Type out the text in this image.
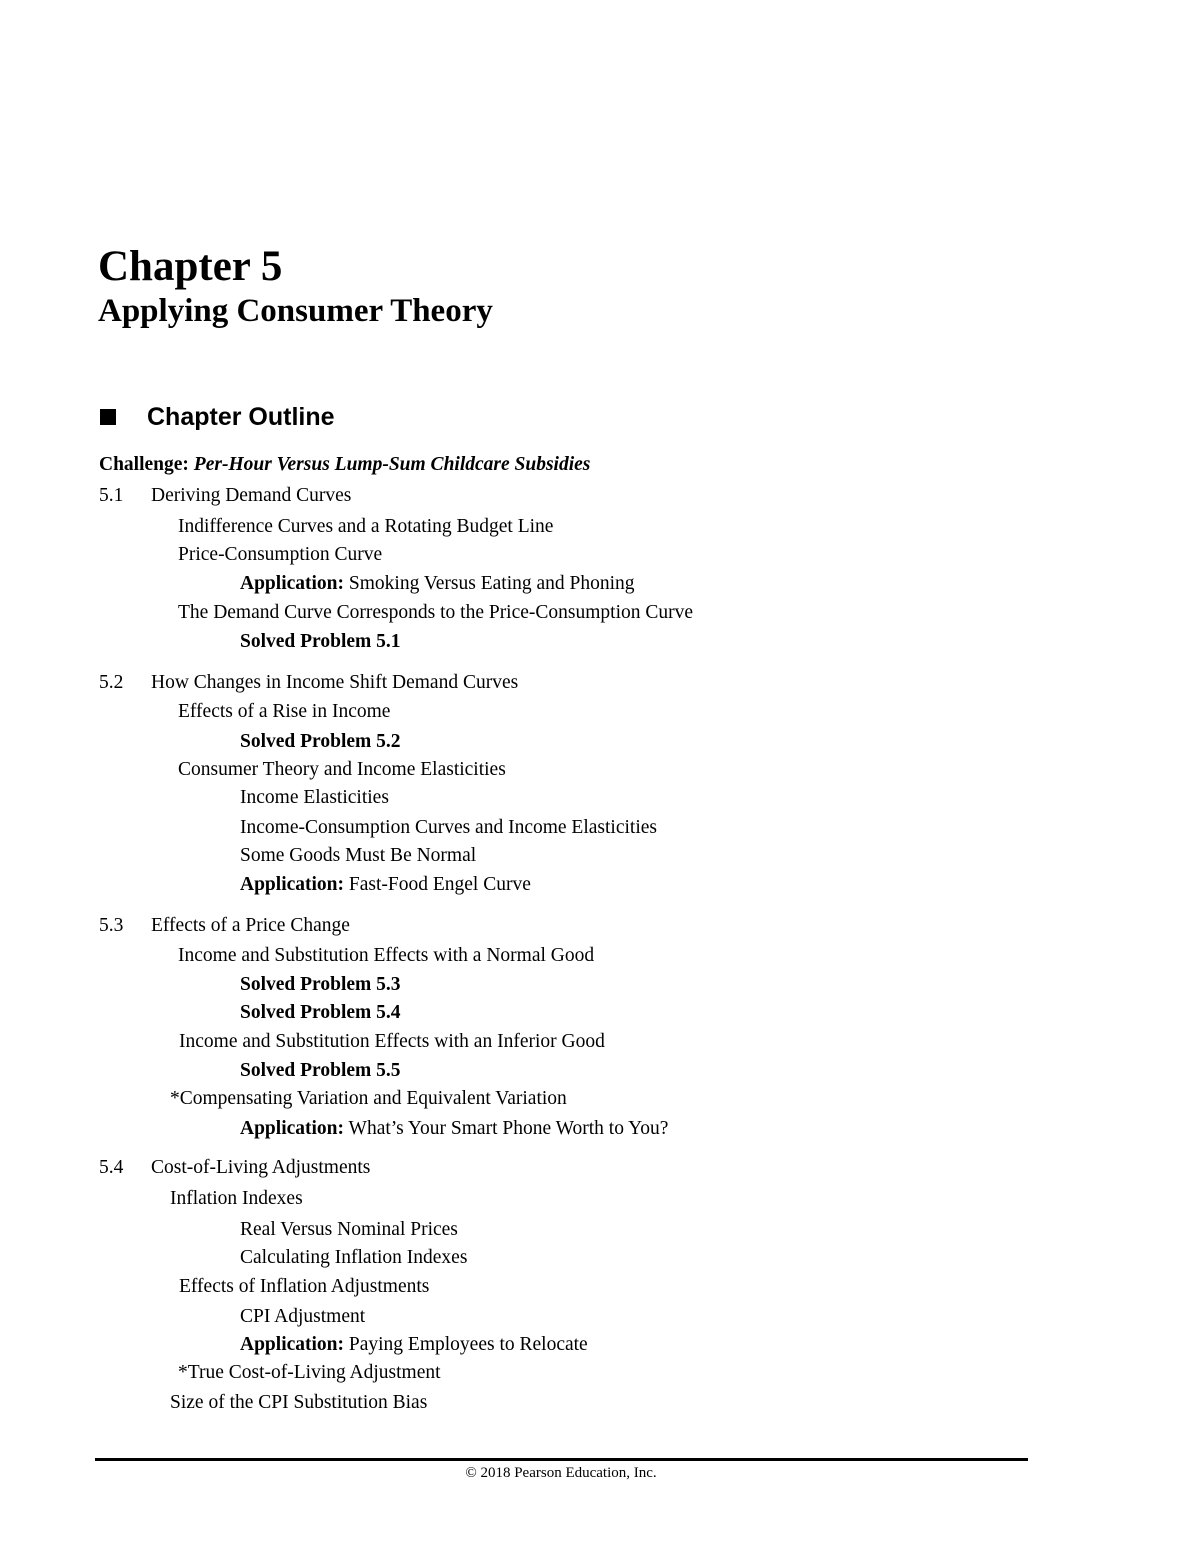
Chapter 5
Applying Consumer Theory
Chapter Outline
Challenge: Per-Hour Versus Lump-Sum Childcare Subsidies
5.1 Deriving Demand Curves
Indifference Curves and a Rotating Budget Line
Price-Consumption Curve
Application: Smoking Versus Eating and Phoning
The Demand Curve Corresponds to the Price-Consumption Curve
Solved Problem 5.1
5.2 How Changes in Income Shift Demand Curves
Effects of a Rise in Income
Solved Problem 5.2
Consumer Theory and Income Elasticities
Income Elasticities
Income-Consumption Curves and Income Elasticities
Some Goods Must Be Normal
Application: Fast-Food Engel Curve
5.3 Effects of a Price Change
Income and Substitution Effects with a Normal Good
Solved Problem 5.3
Solved Problem 5.4
Income and Substitution Effects with an Inferior Good
Solved Problem 5.5
*Compensating Variation and Equivalent Variation
Application: What’s Your Smart Phone Worth to You?
5.4 Cost-of-Living Adjustments
Inflation Indexes
Real Versus Nominal Prices
Calculating Inflation Indexes
Effects of Inflation Adjustments
CPI Adjustment
Application: Paying Employees to Relocate
*True Cost-of-Living Adjustment
Size of the CPI Substitution Bias
© 2018 Pearson Education, Inc.
